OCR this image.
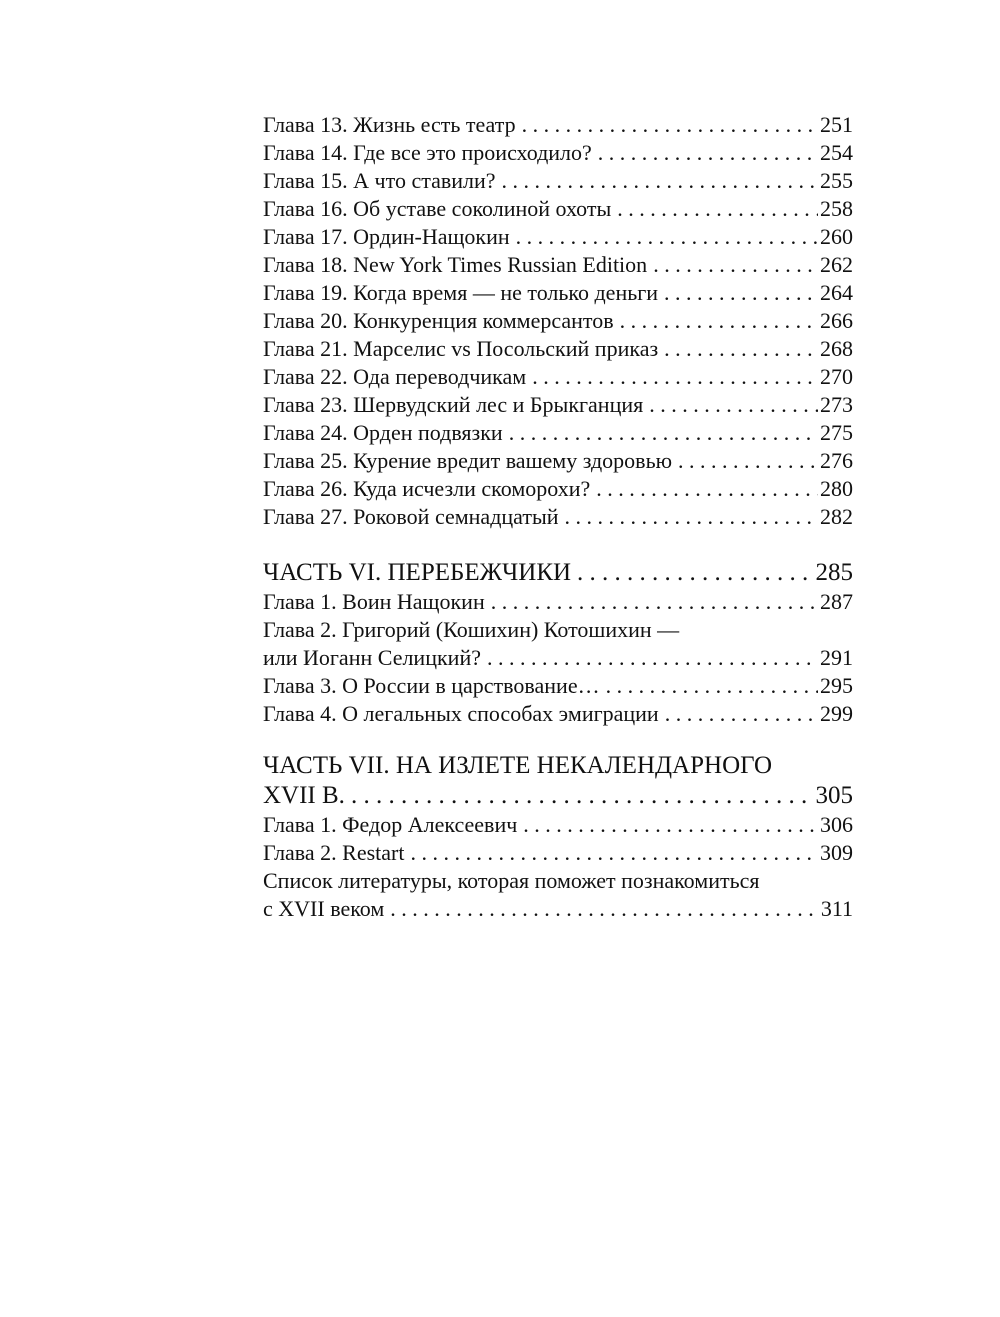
Глава 13. Жизнь есть театр . . .	251
Глава 14. Где все это происходило? . . .	254
Глава 15. А что ставили? . . .	255
Глава 16. Об уставе соколиной охоты . . .	258
Глава 17. Ордин-Нащокин . . .	260
Глава 18. New York Times Russian Edition . . .	262
Глава 19. Когда время — не только деньги . . .	264
Глава 20. Конкуренция коммерсантов . . .	266
Глава 21. Марселис vs Посольский приказ . . .	268
Глава 22. Ода переводчикам . . .	270
Глава 23. Шервудский лес и Брыкганция . . .	273
Глава 24. Орден подвязки . . .	275
Глава 25. Курение вредит вашему здоровью . . .	276
Глава 26. Куда исчезли скоморохи? . . .	280
Глава 27. Роковой семнадцатый . . .	282
ЧАСТЬ VI. ПЕРЕБЕЖЧИКИ . . .	285
Глава 1. Воин Нащокин . . .	287
Глава 2. Григорий (Кошихин) Котошихин —
или Иоганн Селицкий? . . .	291
Глава 3. О России в царствование… . . .	295
Глава 4. О легальных способах эмиграции . . .	299
ЧАСТЬ VII. НА ИЗЛЕТЕ НЕКАЛЕНДАРНОГО
XVII В. . . .	305
Глава 1. Федор Алексеевич . . .	306
Глава 2. Restart . . .	309
Список литературы, которая поможет познакомиться
с XVII веком . . .	311
